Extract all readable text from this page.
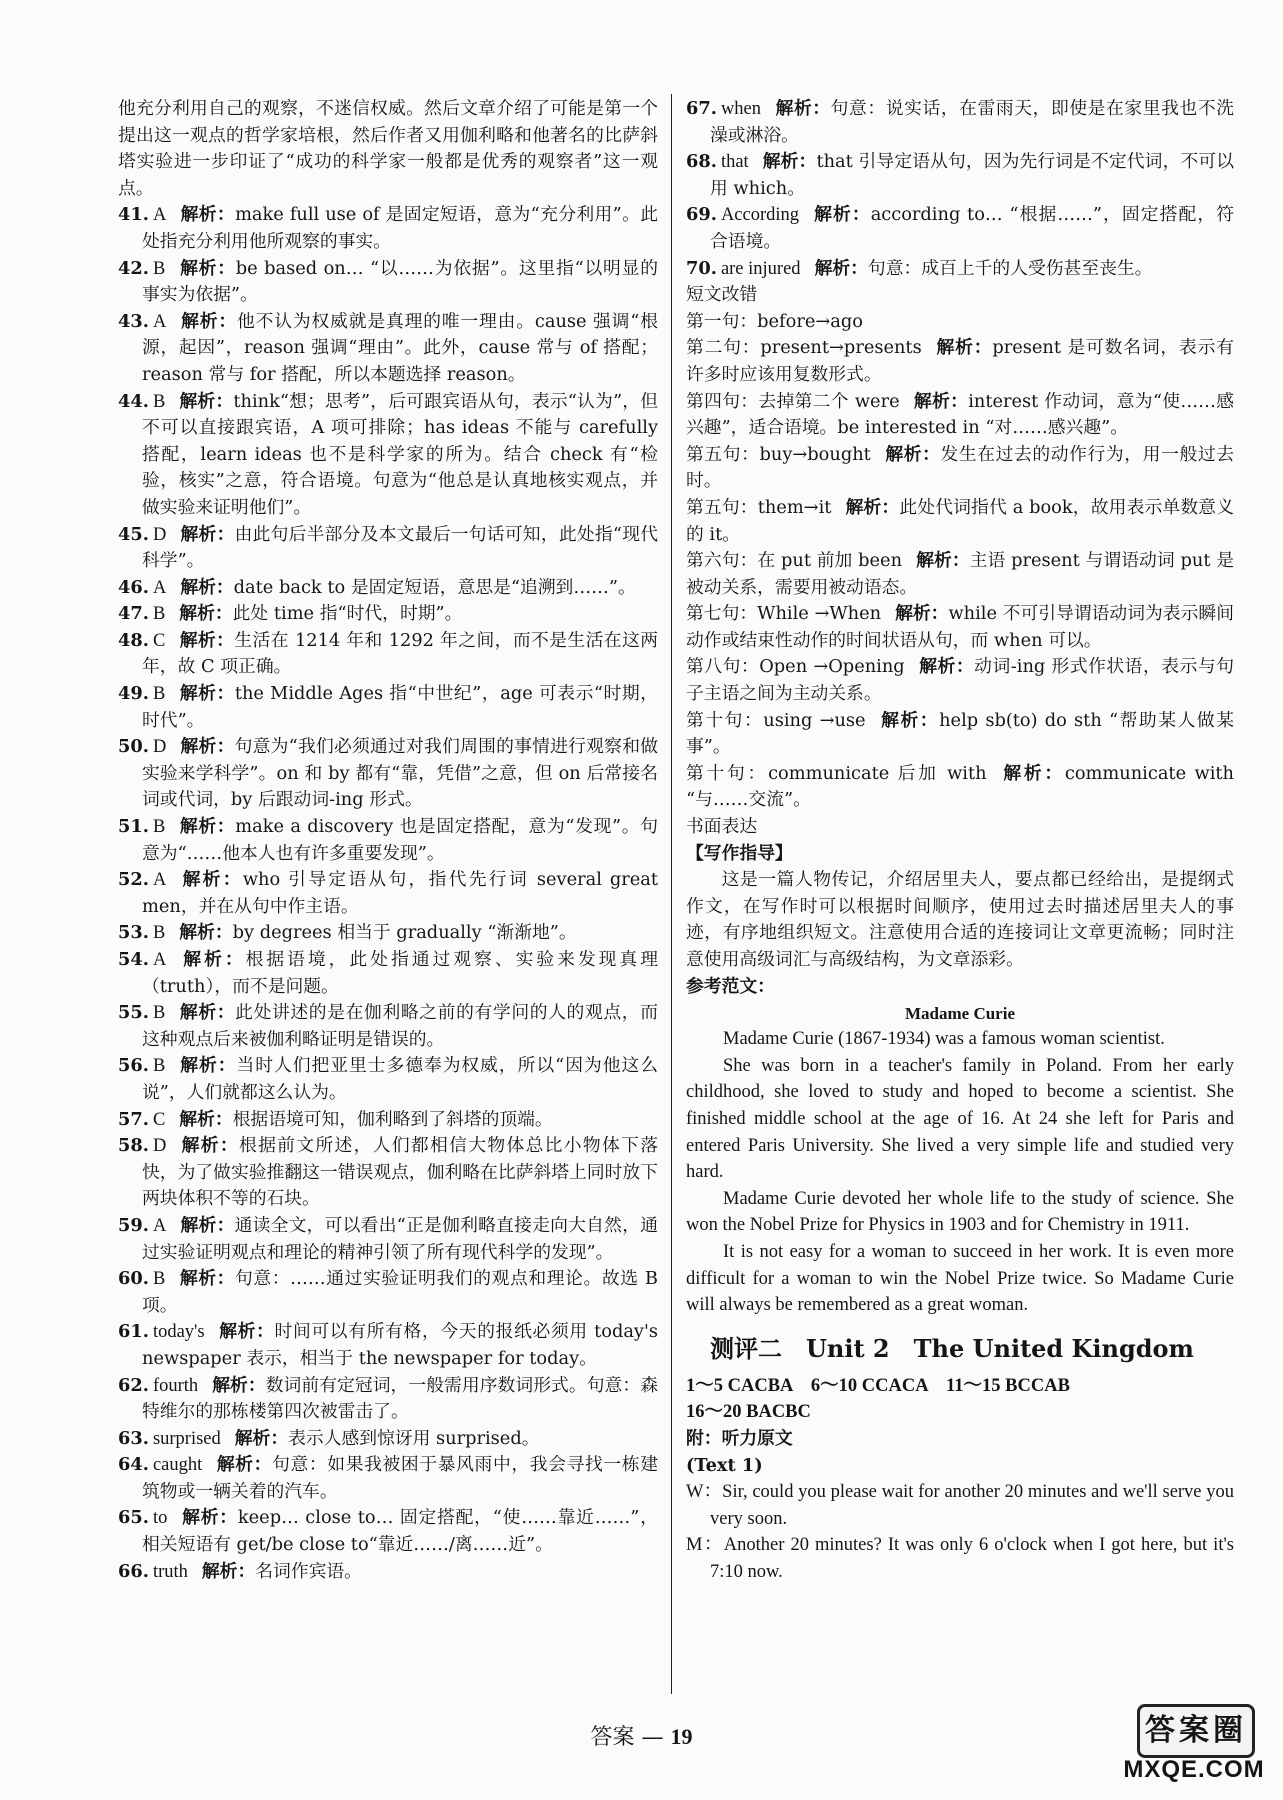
他充分利用自己的观察，不迷信权威。然后文章介绍了可能是第一个提出这一观点的哲学家培根，然后作者又用伽利略和他著名的比萨斜塔实验进一步印证了“成功的科学家一般都是优秀的观察者”这一观点。

41. A 解析：make full use of 是固定短语，意为“充分利用”。此处指充分利用他所观察的事实。

42. B 解析：be based on… “以……为依据”。这里指“以明显的事实为依据”。

43. A 解析：他不认为权威就是真理的唯一理由。cause 强调“根源，起因”，reason 强调“理由”。此外，cause 常与 of 搭配；reason 常与 for 搭配，所以本题选择 reason。

44. B 解析：think“想；思考”，后可跟宾语从句，表示“认为”，但不可以直接跟宾语，A 项可排除；has ideas 不能与 carefully 搭配，learn ideas 也不是科学家的所为。结合 check 有“检验，核实”之意，符合语境。句意为“他总是认真地核实观点，并做实验来证明他们”。

45. D 解析：由此句后半部分及本文最后一句话可知，此处指“现代科学”。

46. A 解析：date back to 是固定短语，意思是“追溯到……”。

47. B 解析：此处 time 指“时代，时期”。

48. C 解析：生活在 1214 年和 1292 年之间，而不是生活在这两年，故 C 项正确。

49. B 解析：the Middle Ages 指“中世纪”，age 可表示“时期，时代”。

50. D 解析：句意为“我们必须通过对我们周围的事情进行观察和做实验来学科学”。on 和 by 都有“靠，凭借”之意，但 on 后常接名词或代词，by 后跟动词-ing 形式。

51. B 解析：make a discovery 也是固定搭配，意为“发现”。句意为“……他本人也有许多重要发现”。

52. A 解析：who 引导定语从句，指代先行词 several great men，并在从句中作主语。

53. B 解析：by degrees 相当于 gradually “渐渐地”。

54. A 解析：根据语境，此处指通过观察、实验来发现真理（truth），而不是问题。

55. B 解析：此处讲述的是在伽利略之前的有学问的人的观点，而这种观点后来被伽利略证明是错误的。

56. B 解析：当时人们把亚里士多德奉为权威，所以“因为他这么说”，人们就都这么认为。

57. C 解析：根据语境可知，伽利略到了斜塔的顶端。

58. D 解析：根据前文所述，人们都相信大物体总比小物体下落快，为了做实验推翻这一错误观点，伽利略在比萨斜塔上同时放下两块体积不等的石块。

59. A 解析：通读全文，可以看出“正是伽利略直接走向大自然，通过实验证明观点和理论的精神引领了所有现代科学的发现”。

60. B 解析：句意：……通过实验证明我们的观点和理论。故选 B 项。

61. today's 解析：时间可以有所有格，今天的报纸必须用 today's newspaper 表示，相当于 the newspaper for today。

62. fourth 解析：数词前有定冠词，一般需用序数词形式。句意：森特维尔的那栋楼第四次被雷击了。

63. surprised 解析：表示人感到惊讶用 surprised。

64. caught 解析：句意：如果我被困于暴风雨中，我会寻找一栋建筑物或一辆关着的汽车。

65. to 解析：keep… close to… 固定搭配，“使……靠近……”，相关短语有 get/be close to“靠近……/离……近”。

66. truth 解析：名词作宾语。

67. when 解析：句意：说实话，在雷雨天，即使是在家里我也不洗澡或淋浴。

68. that 解析：that 引导定语从句，因为先行词是不定代词，不可以用 which。

69. According 解析：according to… “根据……”，固定搭配，符合语境。

70. are injured 解析：句意：成百上千的人受伤甚至丧生。

短文改错

第一句：before→ago

第二句：present→presents 解析：present 是可数名词，表示有许多时应该用复数形式。

第四句：去掉第二个 were 解析：interest 作动词，意为“使……感兴趣”，适合语境。be interested in “对……感兴趣”。

第五句：buy→bought 解析：发生在过去的动作行为，用一般过去时。

第五句：them→it 解析：此处代词指代 a book，故用表示单数意义的 it。

第六句：在 put 前加 been 解析：主语 present 与谓语动词 put 是被动关系，需要用被动语态。

第七句：While →When 解析：while 不可引导谓语动词为表示瞬间动作或结束性动作的时间状语从句，而 when 可以。

第八句：Open →Opening 解析：动词-ing 形式作状语，表示与句子主语之间为主动关系。

第十句：using →use 解析：help sb(to) do sth “帮助某人做某事”。

第十句：communicate 后加 with 解析：communicate with “与……交流”。

书面表达

【写作指导】

这是一篇人物传记，介绍居里夫人，要点都已经给出，是提纲式作文，在写作时可以根据时间顺序，使用过去时描述居里夫人的事迹，有序地组织短文。注意使用合适的连接词让文章更流畅；同时注意使用高级词汇与高级结构，为文章添彩。

参考范文：

Madame Curie

Madame Curie (1867-1934) was a famous woman scientist.

She was born in a teacher's family in Poland. From her early childhood, she loved to study and hoped to become a scientist. She finished middle school at the age of 16. At 24 she left for Paris and entered Paris University. She lived a very simple life and studied very hard.

Madame Curie devoted her whole life to the study of science. She won the Nobel Prize for Physics in 1903 and for Chemistry in 1911.

It is not easy for a woman to succeed in her work. It is even more difficult for a woman to win the Nobel Prize twice. So Madame Curie will always be remembered as a great woman.

测评二　Unit 2　The United Kingdom

1～5 CACBA　6～10 CCACA　11～15 BCCAB

16～20 BACBC

附：听力原文

(Text 1)

W：Sir, could you please wait for another 20 minutes and we'll serve you very soon.

M：Another 20 minutes? It was only 6 o'clock when I got here, but it's 7:10 now.

答案 — 19	答案圈
MXQE.COM
